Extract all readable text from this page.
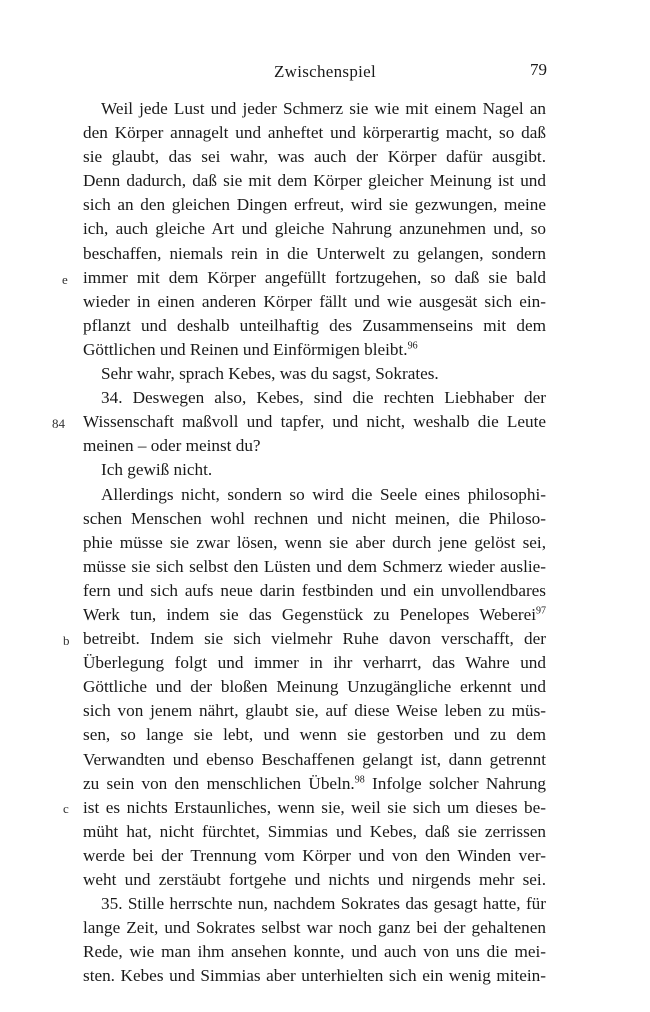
Zwischenspiel	79
e
84
b
c
Weil jede Lust und jeder Schmerz sie wie mit einem Nagel an
den Körper annagelt und anheftet und körperartig macht, so daß
sie glaubt, das sei wahr, was auch der Körper dafür ausgibt.
Denn dadurch, daß sie mit dem Körper gleicher Meinung ist und
sich an den gleichen Dingen erfreut, wird sie gezwungen, meine
ich, auch gleiche Art und gleiche Nahrung anzunehmen und, so
beschaffen, niemals rein in die Unterwelt zu gelangen, sondern
immer mit dem Körper angefüllt fortzugehen, so daß sie bald
wieder in einen anderen Körper fällt und wie ausgesät sich ein-
pflanzt und deshalb unteilhaftig des Zusammenseins mit dem
Göttlichen und Reinen und Einförmigen bleibt.$^{96}$
Sehr wahr, sprach Kebes, was du sagst, Sokrates.
34. Deswegen also, Kebes, sind die rechten Liebhaber der
Wissenschaft maßvoll und tapfer, und nicht, weshalb die Leute
meinen – oder meinst du?
Ich gewiß nicht.
Allerdings nicht, sondern so wird die Seele eines philosophi-
schen Menschen wohl rechnen und nicht meinen, die Philoso-
phie müsse sie zwar lösen, wenn sie aber durch jene gelöst sei,
müsse sie sich selbst den Lüsten und dem Schmerz wieder auslie-
fern und sich aufs neue darin festbinden und ein unvollendbares
Werk tun, indem sie das Gegenstück zu Penelopes Weberei$^{97}$
betreibt. Indem sie sich vielmehr Ruhe davon verschafft, der
Überlegung folgt und immer in ihr verharrt, das Wahre und
Göttliche und der bloßen Meinung Unzugängliche erkennt und
sich von jenem nährt, glaubt sie, auf diese Weise leben zu müs-
sen, so lange sie lebt, und wenn sie gestorben und zu dem
Verwandten und ebenso Beschaffenen gelangt ist, dann getrennt
zu sein von den menschlichen Übeln.$^{98}$ Infolge solcher Nahrung
ist es nichts Erstaunliches, wenn sie, weil sie sich um dieses be-
müht hat, nicht fürchtet, Simmias und Kebes, daß sie zerrissen
werde bei der Trennung vom Körper und von den Winden ver-
weht und zerstäubt fortgehe und nichts und nirgends mehr sei.
35. Stille herrschte nun, nachdem Sokrates das gesagt hatte, für
lange Zeit, und Sokrates selbst war noch ganz bei der gehaltenen
Rede, wie man ihm ansehen konnte, und auch von uns die mei-
sten. Kebes und Simmias aber unterhielten sich ein wenig mitein-
